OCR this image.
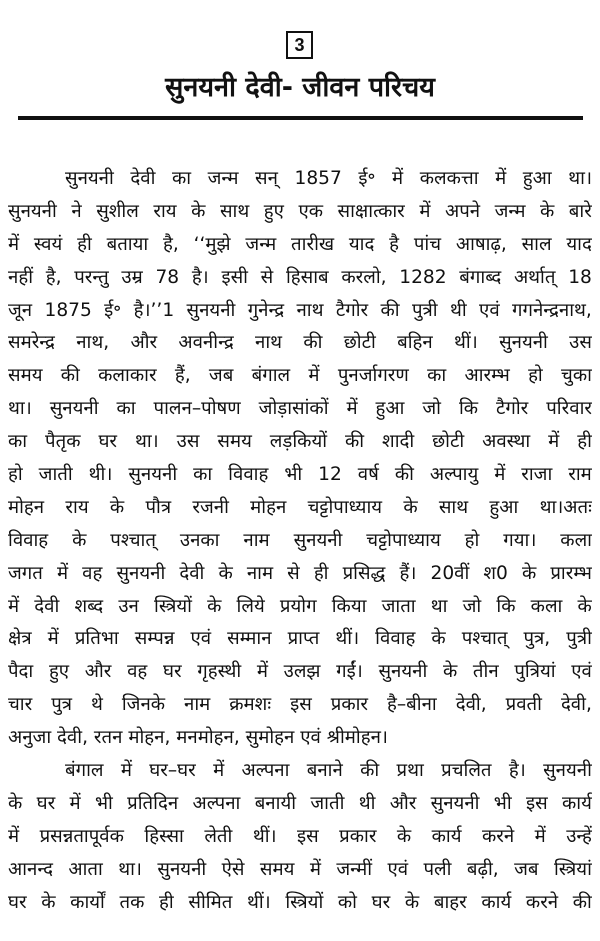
3
सुनयनी देवी- जीवन परिचय
सुनयनी देवी का जन्म सन् 1857 ई॰ में कलकत्ता में हुआ था।
सुनयनी ने सुशील राय के साथ हुए एक साक्षात्कार में अपने जन्म के बारे
में स्वयं ही बताया है, ‘‘मुझे जन्म तारीख याद है पांच आषाढ़, साल याद
नहीं है, परन्तु उम्र 78 है। इसी से हिसाब करलो, 1282 बंगाब्द अर्थात् 18
जून 1875 ई॰ है।’’1 सुनयनी गुनेन्द्र नाथ टैगोर की पुत्री थी एवं गगनेन्द्रनाथ,
समरेन्द्र नाथ, और अवनीन्द्र नाथ की छोटी बहिन थीं। सुनयनी उस
समय की कलाकार हैं, जब बंगाल में पुनर्जागरण का आरम्भ हो चुका
था। सुनयनी का पालन–पोषण जोड़ासांकों में हुआ जो कि टैगोर परिवार
का पैतृक घर था। उस समय लड़कियों की शादी छोटी अवस्था में ही
हो जाती थी। सुनयनी का विवाह भी 12 वर्ष की अल्पायु में राजा राम
मोहन राय के पौत्र रजनी मोहन चट्टोपाध्याय के साथ हुआ था।अतः
विवाह के पश्चात् उनका नाम सुनयनी चट्टोपाध्याय हो गया। कला
जगत में वह सुनयनी देवी के नाम से ही प्रसिद्ध हैं। 20वीं श0 के प्रारम्भ
में देवी शब्द उन स्त्रियों के लिये प्रयोग किया जाता था जो कि कला के
क्षेत्र में प्रतिभा सम्पन्न एवं सम्मान प्राप्त थीं। विवाह के पश्चात् पुत्र, पुत्री
पैदा हुए और वह घर गृहस्थी में उलझ गईं। सुनयनी के तीन पुत्रियां एवं
चार पुत्र थे जिनके नाम क्रमशः इस प्रकार है–बीना देवी, प्रवती देवी,
अनुजा देवी, रतन मोहन, मनमोहन, सुमोहन एवं श्रीमोहन।
बंगाल में घर–घर में अल्पना बनाने की प्रथा प्रचलित है। सुनयनी
के घर में भी प्रतिदिन अल्पना बनायी जाती थी और सुनयनी भी इस कार्य
में प्रसन्नतापूर्वक हिस्सा लेती थीं। इस प्रकार के कार्य करने में उन्हें
आनन्द आता था। सुनयनी ऐसे समय में जन्मीं एवं पली बढ़ी, जब स्त्रियां
घर के कार्यों तक ही सीमित थीं। स्त्रियों को घर के बाहर कार्य करने की
